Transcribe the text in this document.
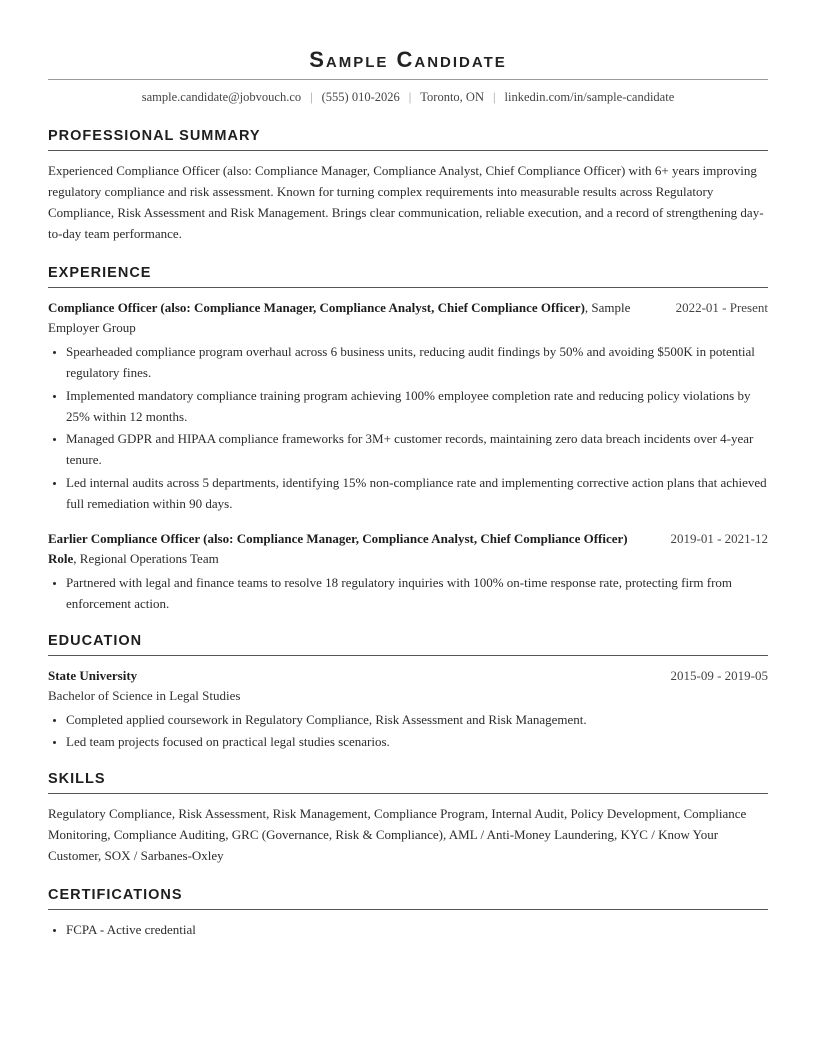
Sample Candidate
sample.candidate@jobvouch.co | (555) 010-2026 | Toronto, ON | linkedin.com/in/sample-candidate
PROFESSIONAL SUMMARY
Experienced Compliance Officer (also: Compliance Manager, Compliance Analyst, Chief Compliance Officer) with 6+ years improving regulatory compliance and risk assessment. Known for turning complex requirements into measurable results across Regulatory Compliance, Risk Assessment and Risk Management. Brings clear communication, reliable execution, and a record of strengthening day-to-day team performance.
EXPERIENCE
Compliance Officer (also: Compliance Manager, Compliance Analyst, Chief Compliance Officer), Sample Employer Group
2022-01 - Present
• Spearheaded compliance program overhaul across 6 business units, reducing audit findings by 50% and avoiding $500K in potential regulatory fines.
• Implemented mandatory compliance training program achieving 100% employee completion rate and reducing policy violations by 25% within 12 months.
• Managed GDPR and HIPAA compliance frameworks for 3M+ customer records, maintaining zero data breach incidents over 4-year tenure.
• Led internal audits across 5 departments, identifying 15% non-compliance rate and implementing corrective action plans that achieved full remediation within 90 days.
Earlier Compliance Officer (also: Compliance Manager, Compliance Analyst, Chief Compliance Officer) Role, Regional Operations Team
2019-01 - 2021-12
• Partnered with legal and finance teams to resolve 18 regulatory inquiries with 100% on-time response rate, protecting firm from enforcement action.
EDUCATION
State University	2015-09 - 2019-05
Bachelor of Science in Legal Studies
• Completed applied coursework in Regulatory Compliance, Risk Assessment and Risk Management.
• Led team projects focused on practical legal studies scenarios.
SKILLS
Regulatory Compliance, Risk Assessment, Risk Management, Compliance Program, Internal Audit, Policy Development, Compliance Monitoring, Compliance Auditing, GRC (Governance, Risk & Compliance), AML / Anti-Money Laundering, KYC / Know Your Customer, SOX / Sarbanes-Oxley
CERTIFICATIONS
• FCPA - Active credential
